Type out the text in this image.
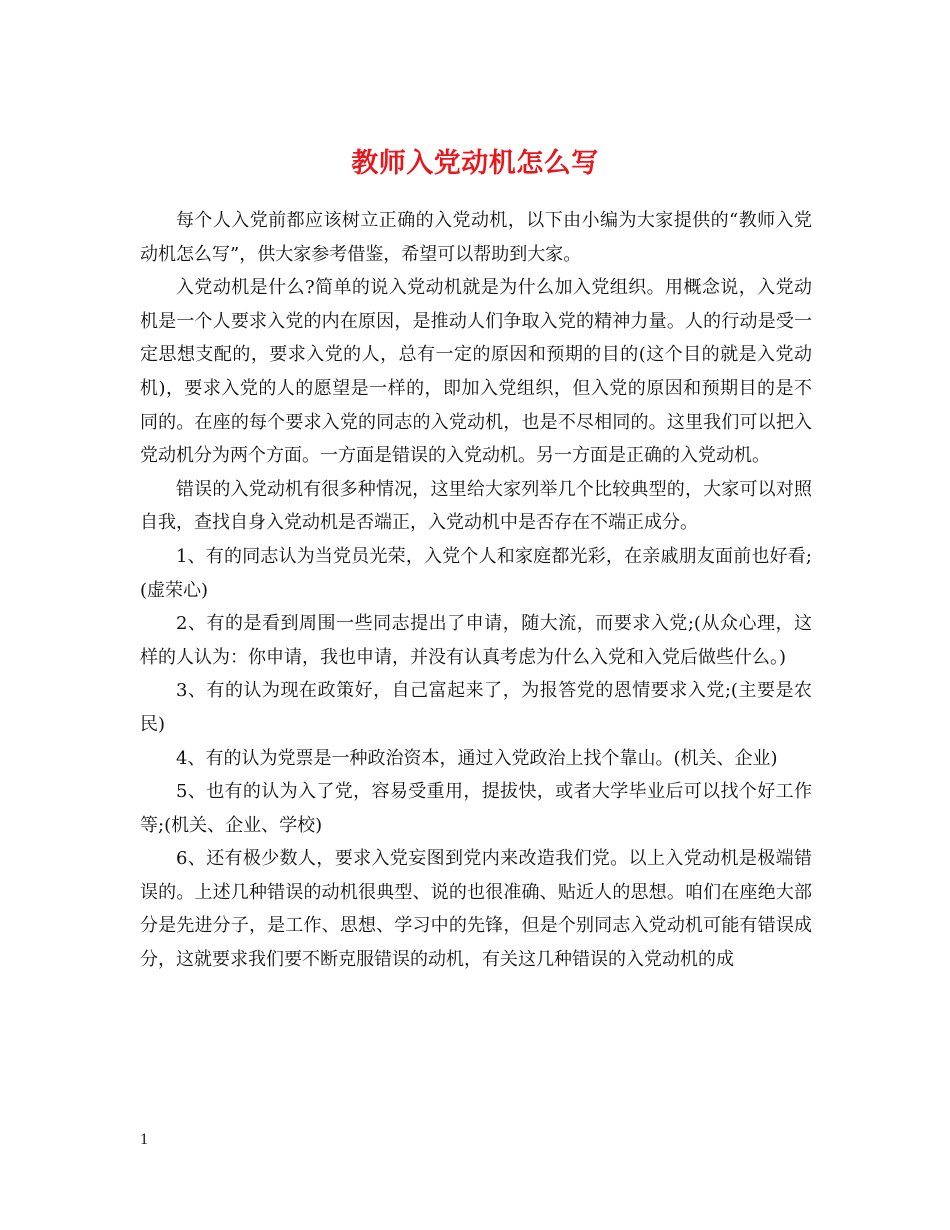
教师入党动机怎么写

每个人入党前都应该树立正确的入党动机，以下由小编为大家提供的“教师入党动机怎么写”，供大家参考借鉴，希望可以帮助到大家。

入党动机是什么?简单的说入党动机就是为什么加入党组织。用概念说，入党动机是一个人要求入党的内在原因，是推动人们争取入党的精神力量。人的行动是受一定思想支配的，要求入党的人，总有一定的原因和预期的目的(这个目的就是入党动机)，要求入党的人的愿望是一样的，即加入党组织，但入党的原因和预期目的是不同的。在座的每个要求入党的同志的入党动机，也是不尽相同的。这里我们可以把入党动机分为两个方面。一方面是错误的入党动机。另一方面是正确的入党动机。

错误的入党动机有很多种情况，这里给大家列举几个比较典型的，大家可以对照自我，查找自身入党动机是否端正，入党动机中是否存在不端正成分。

1、有的同志认为当党员光荣，入党个人和家庭都光彩，在亲戚朋友面前也好看;(虚荣心)

2、有的是看到周围一些同志提出了申请，随大流，而要求入党;(从众心理，这样的人认为：你申请，我也申请，并没有认真考虑为什么入党和入党后做些什么。)

3、有的认为现在政策好，自己富起来了，为报答党的恩情要求入党;(主要是农民)

4、有的认为党票是一种政治资本，通过入党政治上找个靠山。(机关、企业)

5、也有的认为入了党，容易受重用，提拔快，或者大学毕业后可以找个好工作等;(机关、企业、学校)

6、还有极少数人，要求入党妄图到党内来改造我们党。以上入党动机是极端错误的。上述几种错误的动机很典型、说的也很准确、贴近人的思想。咱们在座绝大部分是先进分子，是工作、思想、学习中的先锋，但是个别同志入党动机可能有错误成分，这就要求我们要不断克服错误的动机，有关这几种错误的入党动机的成

1
